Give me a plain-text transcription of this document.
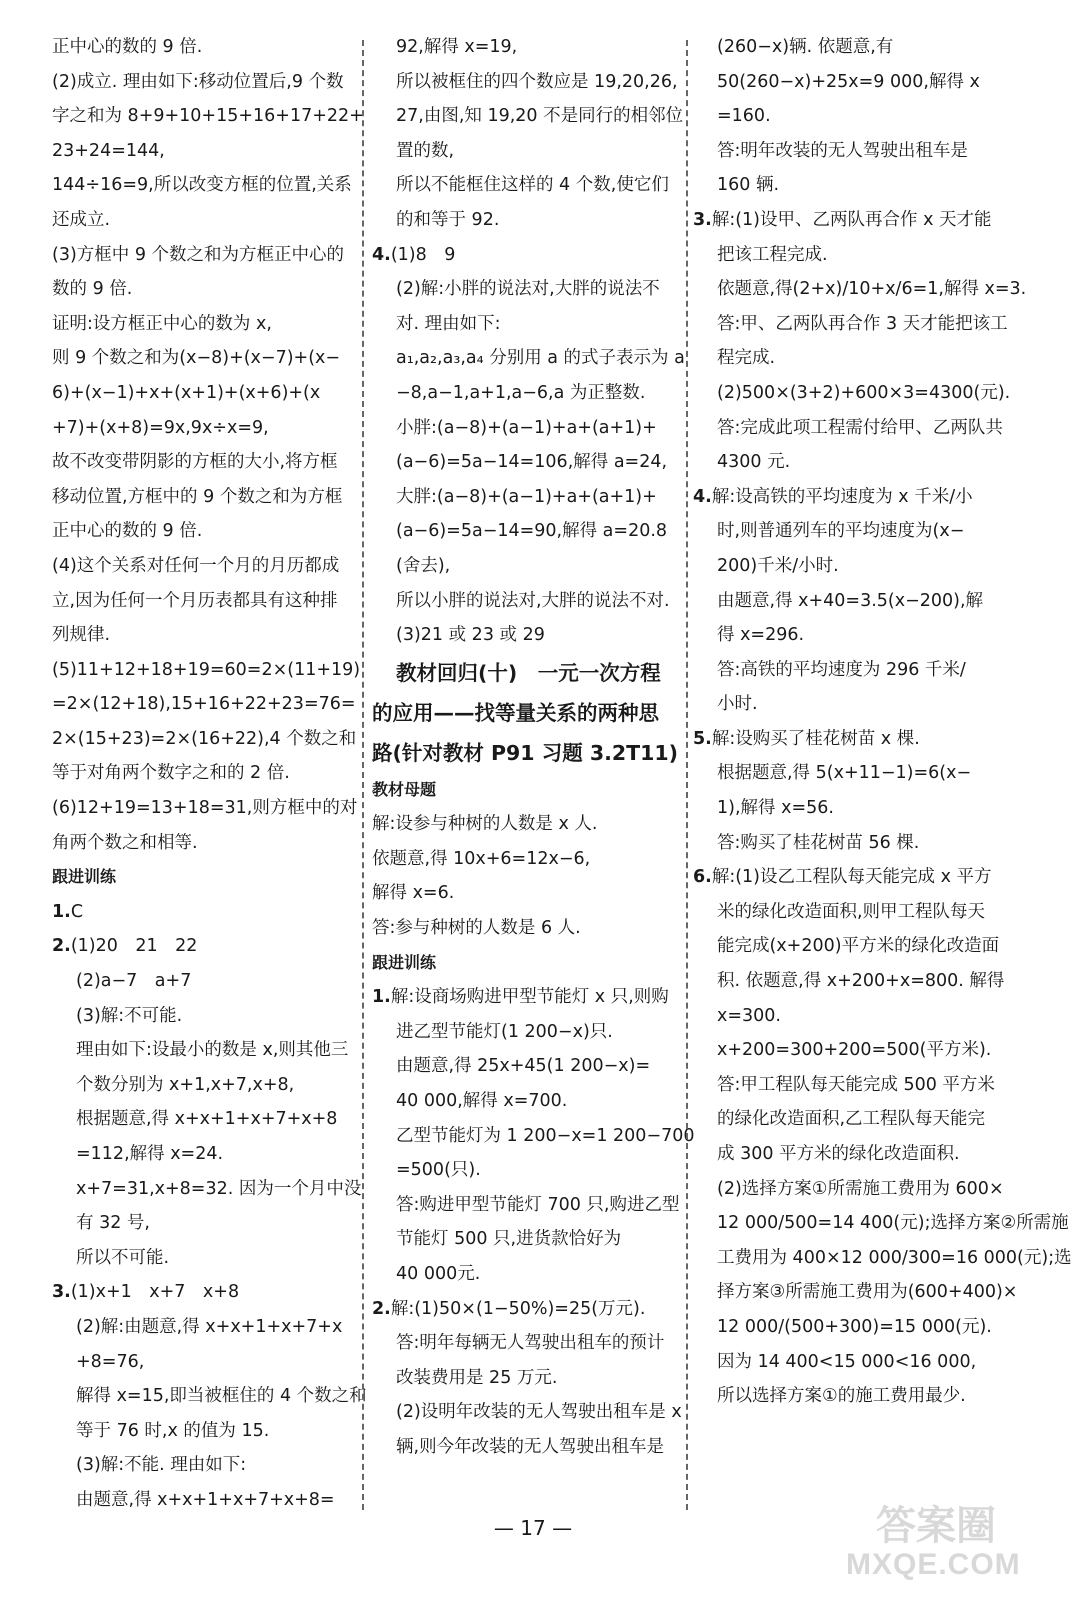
正中心的数的 9 倍.
(2)成立. 理由如下:移动位置后,9 个数
字之和为 8+9+10+15+16+17+22+
23+24=144,
144÷16=9,所以改变方框的位置,关系
还成立.
(3)方框中 9 个数之和为方框正中心的
数的 9 倍.
证明:设方框正中心的数为 x,
则 9 个数之和为(x−8)+(x−7)+(x−
6)+(x−1)+x+(x+1)+(x+6)+(x
+7)+(x+8)=9x,9x÷x=9,
故不改变带阴影的方框的大小,将方框
移动位置,方框中的 9 个数之和为方框
正中心的数的 9 倍.
(4)这个关系对任何一个月的月历都成
立,因为任何一个月历表都具有这种排
列规律.
(5)11+12+18+19=60=2×(11+19)
=2×(12+18),15+16+22+23=76=
2×(15+23)=2×(16+22),4 个数之和
等于对角两个数字之和的 2 倍.
(6)12+19=13+18=31,则方框中的对
角两个数之和相等.
跟进训练
1.C
2.(1)20　21　22
(2)a−7　a+7
(3)解:不可能.
理由如下:设最小的数是 x,则其他三
个数分别为 x+1,x+7,x+8,
根据题意,得 x+x+1+x+7+x+8
=112,解得 x=24.
x+7=31,x+8=32. 因为一个月中没
有 32 号,
所以不可能.
3.(1)x+1　x+7　x+8
(2)解:由题意,得 x+x+1+x+7+x
+8=76,
解得 x=15,即当被框住的 4 个数之和
等于 76 时,x 的值为 15.
(3)解:不能. 理由如下:
由题意,得 x+x+1+x+7+x+8=
92,解得 x=19,
所以被框住的四个数应是 19,20,26,
27,由图,知 19,20 不是同行的相邻位
置的数,
所以不能框住这样的 4 个数,使它们
的和等于 92.
4.(1)8　9
(2)解:小胖的说法对,大胖的说法不
对. 理由如下:
a₁,a₂,a₃,a₄ 分别用 a 的式子表示为 a
−8,a−1,a+1,a−6,a 为正整数.
小胖:(a−8)+(a−1)+a+(a+1)+
(a−6)=5a−14=106,解得 a=24,
大胖:(a−8)+(a−1)+a+(a+1)+
(a−6)=5a−14=90,解得 a=20.8
(舍去),
所以小胖的说法对,大胖的说法不对.
(3)21 或 23 或 29
教材回归(十)　一元一次方程
的应用——找等量关系的两种思
路(针对教材 P91 习题 3.2T11)
教材母题
解:设参与种树的人数是 x 人.
依题意,得 10x+6=12x−6,
解得 x=6.
答:参与种树的人数是 6 人.
跟进训练
1.解:设商场购进甲型节能灯 x 只,则购
进乙型节能灯(1 200−x)只.
由题意,得 25x+45(1 200−x)=
40 000,解得 x=700.
乙型节能灯为 1 200−x=1 200−700
=500(只).
答:购进甲型节能灯 700 只,购进乙型
节能灯 500 只,进货款恰好为
40 000元.
2.解:(1)50×(1−50%)=25(万元).
答:明年每辆无人驾驶出租车的预计
改装费用是 25 万元.
(2)设明年改装的无人驾驶出租车是 x
辆,则今年改装的无人驾驶出租车是
(260−x)辆. 依题意,有
50(260−x)+25x=9 000,解得 x
=160.
答:明年改装的无人驾驶出租车是
160 辆.
3.解:(1)设甲、乙两队再合作 x 天才能
把该工程完成.
依题意,得(2+x)/10+x/6=1,解得 x=3.
答:甲、乙两队再合作 3 天才能把该工
程完成.
(2)500×(3+2)+600×3=4300(元).
答:完成此项工程需付给甲、乙两队共
4300 元.
4.解:设高铁的平均速度为 x 千米/小
时,则普通列车的平均速度为(x−
200)千米/小时.
由题意,得 x+40=3.5(x−200),解
得 x=296.
答:高铁的平均速度为 296 千米/
小时.
5.解:设购买了桂花树苗 x 棵.
根据题意,得 5(x+11−1)=6(x−
1),解得 x=56.
答:购买了桂花树苗 56 棵.
6.解:(1)设乙工程队每天能完成 x 平方
米的绿化改造面积,则甲工程队每天
能完成(x+200)平方米的绿化改造面
积. 依题意,得 x+200+x=800. 解得
x=300.
x+200=300+200=500(平方米).
答:甲工程队每天能完成 500 平方米
的绿化改造面积,乙工程队每天能完
成 300 平方米的绿化改造面积.
(2)选择方案①所需施工费用为 600×
12 000/500=14 400(元);选择方案②所需施
工费用为 400×12 000/300=16 000(元);选
择方案③所需施工费用为(600+400)×
12 000/(500+300)=15 000(元).
因为 14 400<15 000<16 000,
所以选择方案①的施工费用最少.
— 17 —	答案圈
MXQE.COM
